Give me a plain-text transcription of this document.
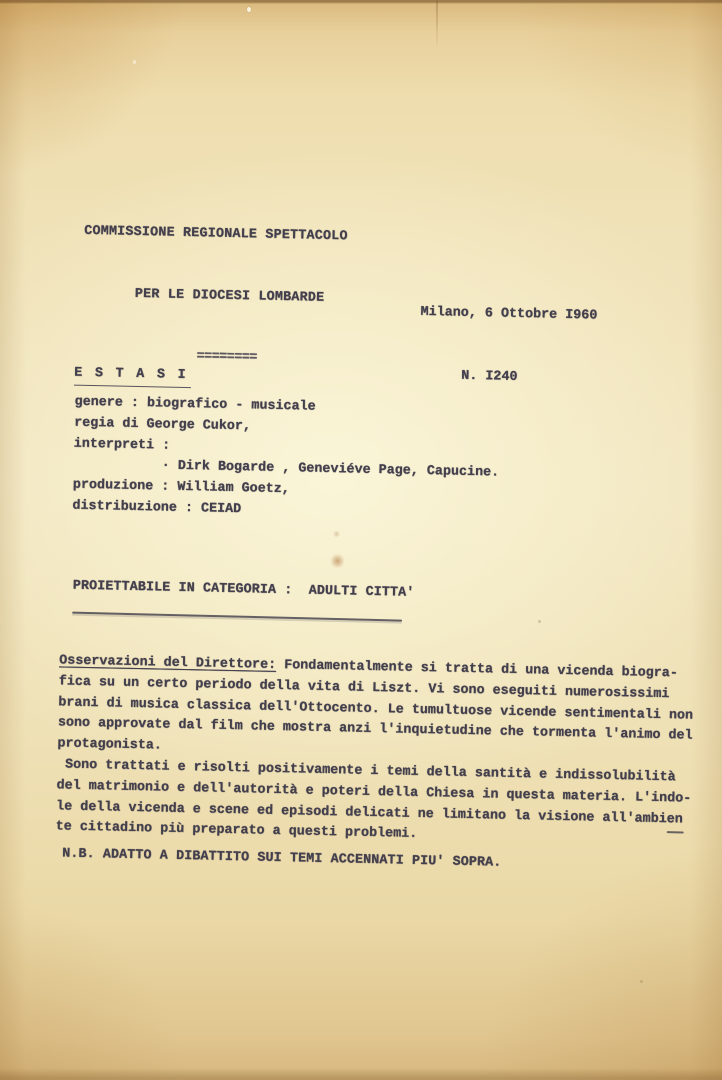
COMMISSIONE REGIONALE SPETTACOLO

PER LE DIOCESI LOMBARDE

========

Milano, 6 Ottobre I960

N. I240

E S T A S I
genere : biografico - musicale
regia di George Cukor,
interpreti :
· Dirk Bogarde , Geneviéve Page, Capucine.
produzione : William Goetz,
distribuzione : CEIAD
PROIETTABILE IN CATEGORIA :  ADULTI CITTA'
Osservazioni del Direttore: Fondamentalmente si tratta di una vicenda biogra-
fica su un certo periodo della vita di Liszt. Vi sono eseguiti numerosissimi
brani di musica classica dell'Ottocento. Le tumultuose vicende sentimentali non
sono approvate dal film che mostra anzi l'inquietudine che tormenta l'animo del
protagonista.
Sono trattati e risolti positivamente i temi della santità e indissolubilità
del matrimonio e dell'autorità e poteri della Chiesa in questa materia. L'indo-
le della vicenda e scene ed episodi delicati ne limitano la visione all'ambien
te cittadino più preparato a questi problemi.
N.B. ADATTO A DIBATTITO SUI TEMI ACCENNATI PIU' SOPRA.
